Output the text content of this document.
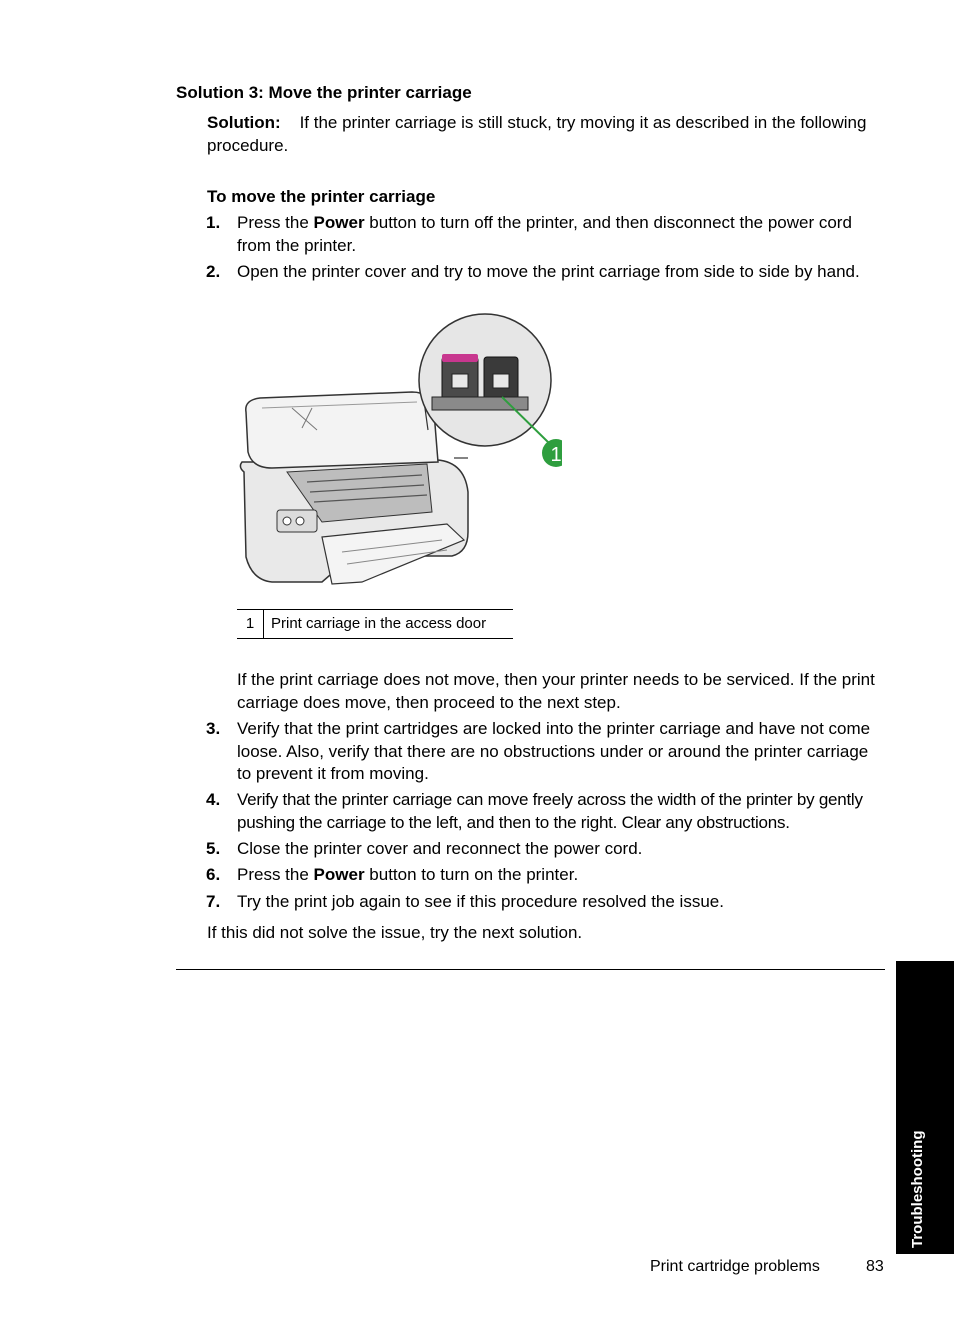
Solution 3: Move the printer carriage
Solution: If the printer carriage is still stuck, try moving it as described in the following procedure.
To move the printer carriage
1. Press the Power button to turn off the printer, and then disconnect the power cord from the printer.
2. Open the printer cover and try to move the print carriage from side to side by hand.
1
1	Print carriage in the access door
If the print carriage does not move, then your printer needs to be serviced. If the print carriage does move, then proceed to the next step.
3. Verify that the print cartridges are locked into the printer carriage and have not come loose. Also, verify that there are no obstructions under or around the printer carriage to prevent it from moving.
4. Verify that the printer carriage can move freely across the width of the printer by gently pushing the carriage to the left, and then to the right. Clear any obstructions.
5. Close the printer cover and reconnect the power cord.
6. Press the Power button to turn on the printer.
7. Try the print job again to see if this procedure resolved the issue.
If this did not solve the issue, try the next solution.
Troubleshooting
Print cartridge problems	83
